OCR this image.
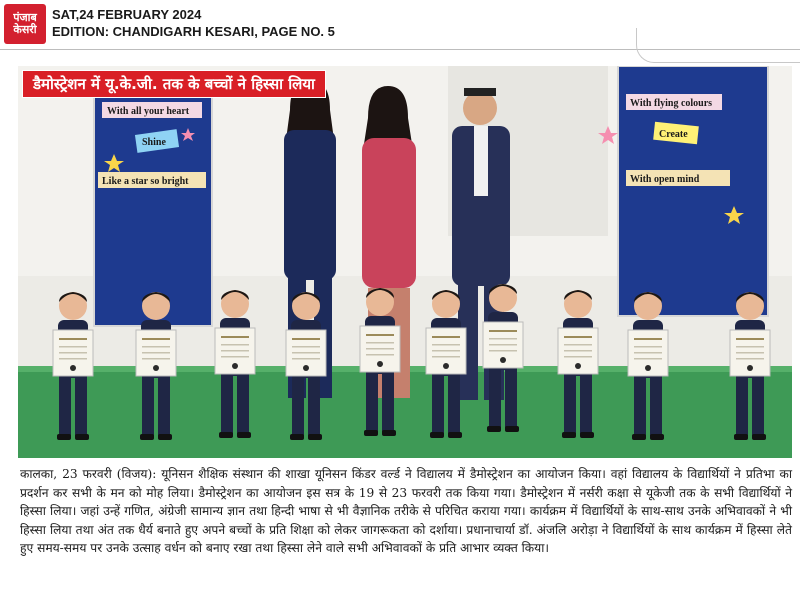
पंजाब
केसरी
SAT,24 FEBRUARY 2024
EDITION: CHANDIGARH KESARI, PAGE NO. 5
With all your heart
Shine
Like a star so bright
With flying colours
Create
With open mind
डैमोस्ट्रेशन में यू.के.जी. तक के बच्चों ने हिस्सा लिया

कालका, 23 फरवरी (विजय): यूनिसन शैक्षिक संस्थान की शाखा यूनिसन किंडर वर्ल्ड ने विद्यालय में डैमोस्ट्रेशन का आयोजन किया। वहां विद्यालय के विद्यार्थियों ने प्रतिभा का प्रदर्शन कर सभी के मन को मोह लिया। डैमोस्ट्रेशन का आयोजन इस सत्र के 19 से 23 फरवरी तक किया गया। डैमोस्ट्रेशन में नर्सरी कक्षा से यूकेजी तक के सभी विद्यार्थियों ने हिस्सा लिया। जहां उन्हें गणित, अंग्रेजी सामान्य ज्ञान तथा हिन्दी भाषा से भी वैज्ञानिक तरीके से परिचित कराया गया। कार्यक्रम में विद्यार्थियों के साथ-साथ उनके अभिवावकों ने भी हिस्सा लिया तथा अंत तक धैर्य बनाते हुए अपने बच्चों के प्रति शिक्षा को लेकर जागरूकता को दर्शाया। प्रधानाचार्या डॉ. अंजलि अरोड़ा ने विद्यार्थियों के साथ कार्यक्रम में हिस्सा लेते हुए समय-समय पर उनके उत्साह वर्धन को बनाए रखा तथा हिस्सा लेने वाले सभी अभिवावकों के प्रति आभार व्यक्त किया।
